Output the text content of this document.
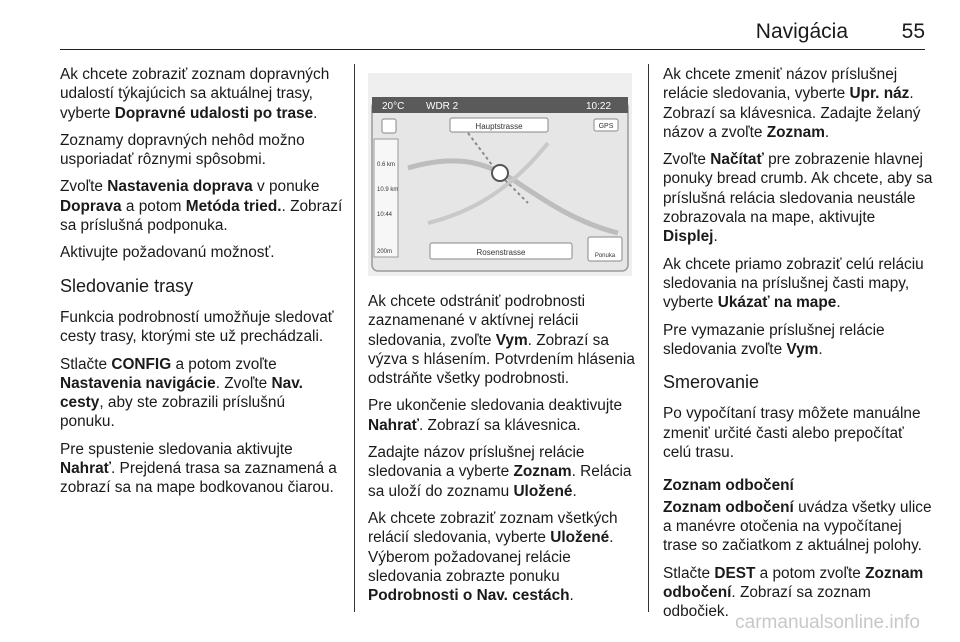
Navigácia	55

Ak chcete zobraziť zoznam dopravných udalostí týkajúcich sa aktuálnej trasy, vyberte Dopravné udalosti po trase.

Zoznamy dopravných nehôd možno usporiadať rôznymi spôsobmi.

Zvoľte Nastavenia doprava v ponuke Doprava a potom Metóda tried.. Zobrazí sa príslušná podponuka.

Aktivujte požadovanú možnosť.

Sledovanie trasy

Funkcia podrobností umožňuje sledovať cesty trasy, ktorými ste už prechádzali.

Stlačte CONFIG a potom zvoľte Nastavenia navigácie. Zvoľte Nav. cesty, aby ste zobrazili príslušnú ponuku.

Pre spustenie sledovania aktivujte Nahrať. Prejdená trasa sa zaznamená a zobrazí sa na mape bodkovanou čiarou.

20°C WDR 2	10:22
Hauptstrasse	GPS
0.6 km
10.9 km
10:44
200m	Rosenstrasse	Ponuka

Ak chcete odstrániť podrobnosti zaznamenané v aktívnej relácii sledovania, zvoľte Vym. Zobrazí sa výzva s hlásením. Potvrdením hlásenia odstráňte všetky podrobnosti.

Pre ukončenie sledovania deaktivujte Nahrať. Zobrazí sa klávesnica.

Zadajte názov príslušnej relácie sledovania a vyberte Zoznam. Relácia sa uloží do zoznamu Uložené.

Ak chcete zobraziť zoznam všetkých relácií sledovania, vyberte Uložené. Výberom požadovanej relácie sledovania zobrazte ponuku Podrobnosti o Nav. cestách.

Ak chcete zmeniť názov príslušnej relácie sledovania, vyberte Upr. náz. Zobrazí sa klávesnica. Zadajte želaný názov a zvoľte Zoznam.

Zvoľte Načítať pre zobrazenie hlavnej ponuky bread crumb. Ak chcete, aby sa príslušná relácia sledovania neustále zobrazovala na mape, aktivujte Displej.

Ak chcete priamo zobraziť celú reláciu sledovania na príslušnej časti mapy, vyberte Ukázať na mape.

Pre vymazanie príslušnej relácie sledovania zvoľte Vym.

Smerovanie

Po vypočítaní trasy môžete manuálne zmeniť určité časti alebo prepočítať celú trasu.

Zoznam odbočení

Zoznam odbočení uvádza všetky ulice a manévre otočenia na vypočítanej trase so začiatkom z aktuálnej polohy.

Stlačte DEST a potom zvoľte Zoznam odbočení. Zobrazí sa zoznam odbočiek.

carmanualsonline.info
